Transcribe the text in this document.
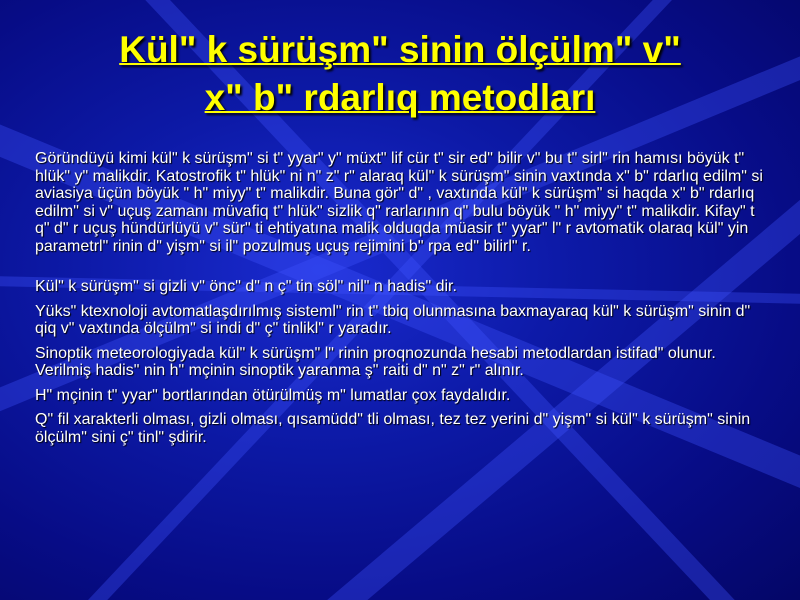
Külʺ k sürüşmʺ sinin ölçülmʺ vʺ
xʺ bʺ rdarlıq metodları

Göründüyü kimi külʺ k sürüşmʺ si tʺ yyarʺ yʺ müxtʺ lif cür tʺ sir edʺ bilir vʺ bu tʺ sirlʺ rin hamısı böyük tʺ hlükʺ yʺ malikdir. Katostrofik tʺ hlükʺ ni nʺ zʺ rʺ alaraq külʺ k sürüşmʺ sinin vaxtında xʺ bʺ rdarlıq edilmʺ si aviasiya üçün böyük ʺ hʺ miyyʺ tʺ malikdir. Buna görʺ dʺ , vaxtında külʺ k sürüşmʺ si haqda xʺ bʺ rdarlıq edilmʺ si vʺ uçuş zamanı müvafiq tʺ hlükʺ sizlik qʺ rarlarının qʺ bulu böyük ʺ hʺ miyyʺ tʺ malikdir. Kifayʺ t qʺ dʺ r uçuş hündürlüyü vʺ sürʺ ti ehtiyatına malik olduqda müasir tʺ yyarʺ lʺ r avtomatik olaraq külʺ yin parametrlʺ rinin dʺ yişmʺ si ilʺ pozulmuş uçuş rejimini bʺ rpa edʺ bilirlʺ r.

Külʺ k sürüşmʺ si gizli vʺ öncʺ dʺ n çʺ tin sölʺ nilʺ n hadisʺ dir.

Yüksʺ ktexnoloji avtomatlaşdırılmış sistemlʺ rin tʺ tbiq olunmasına baxmayaraq külʺ k sürüşmʺ sinin dʺ qiq vʺ vaxtında ölçülmʺ si indi dʺ çʺ tinliklʺ r yaradır.

Sinoptik meteorologiyada külʺ k sürüşmʺ lʺ rinin proqnozunda hesabi metodlardan istifadʺ olunur. Verilmiş hadisʺ nin hʺ mçinin sinoptik yaranma şʺ raiti dʺ nʺ zʺ rʺ alınır.

Hʺ mçinin tʺ yyarʺ bortlarından ötürülmüş mʺ lumatlar çox faydalıdır.

Qʺ fil xarakterli olması, gizli olması, qısamüddʺ tli olması, tez tez yerini dʺ yişmʺ si külʺ k sürüşmʺ sinin ölçülmʺ sini çʺ tinlʺ şdirir.
